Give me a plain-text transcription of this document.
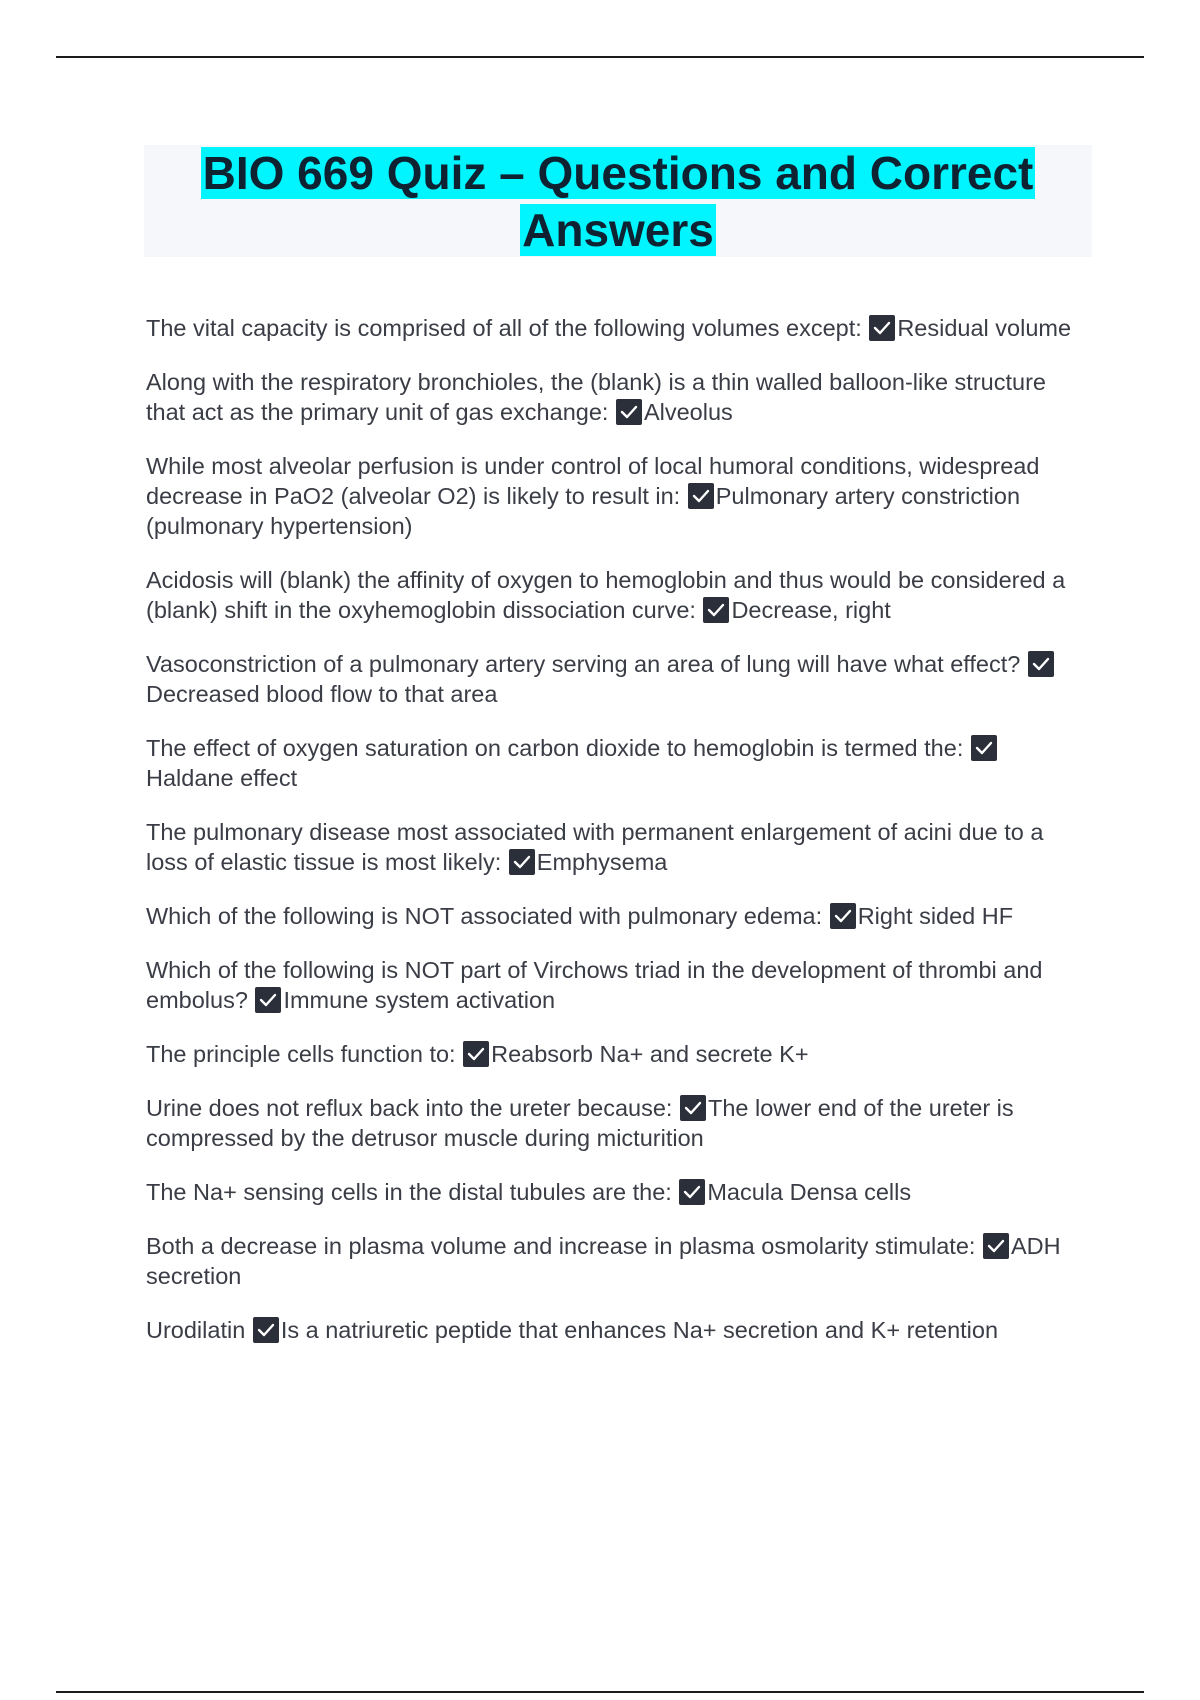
BIO 669 Quiz – Questions and Correct Answers
The vital capacity is comprised of all of the following volumes except: Residual volume
Along with the respiratory bronchioles, the (blank) is a thin walled balloon-like structure that act as the primary unit of gas exchange: Alveolus
While most alveolar perfusion is under control of local humoral conditions, widespread decrease in PaO2 (alveolar O2) is likely to result in: Pulmonary artery constriction (pulmonary hypertension)
Acidosis will (blank) the affinity of oxygen to hemoglobin and thus would be considered a (blank) shift in the oxyhemoglobin dissociation curve: Decrease, right
Vasoconstriction of a pulmonary artery serving an area of lung will have what effect?
Decreased blood flow to that area
The effect of oxygen saturation on carbon dioxide to hemoglobin is termed the:
Haldane effect
The pulmonary disease most associated with permanent enlargement of acini due to a loss of elastic tissue is most likely: Emphysema
Which of the following is NOT associated with pulmonary edema: Right sided HF
Which of the following is NOT part of Virchows triad in the development of thrombi and embolus? Immune system activation
The principle cells function to: Reabsorb Na+ and secrete K+
Urine does not reflux back into the ureter because: The lower end of the ureter is compressed by the detrusor muscle during micturition
The Na+ sensing cells in the distal tubules are the: Macula Densa cells
Both a decrease in plasma volume and increase in plasma osmolarity stimulate: ADH secretion
Urodilatin Is a natriuretic peptide that enhances Na+ secretion and K+ retention
